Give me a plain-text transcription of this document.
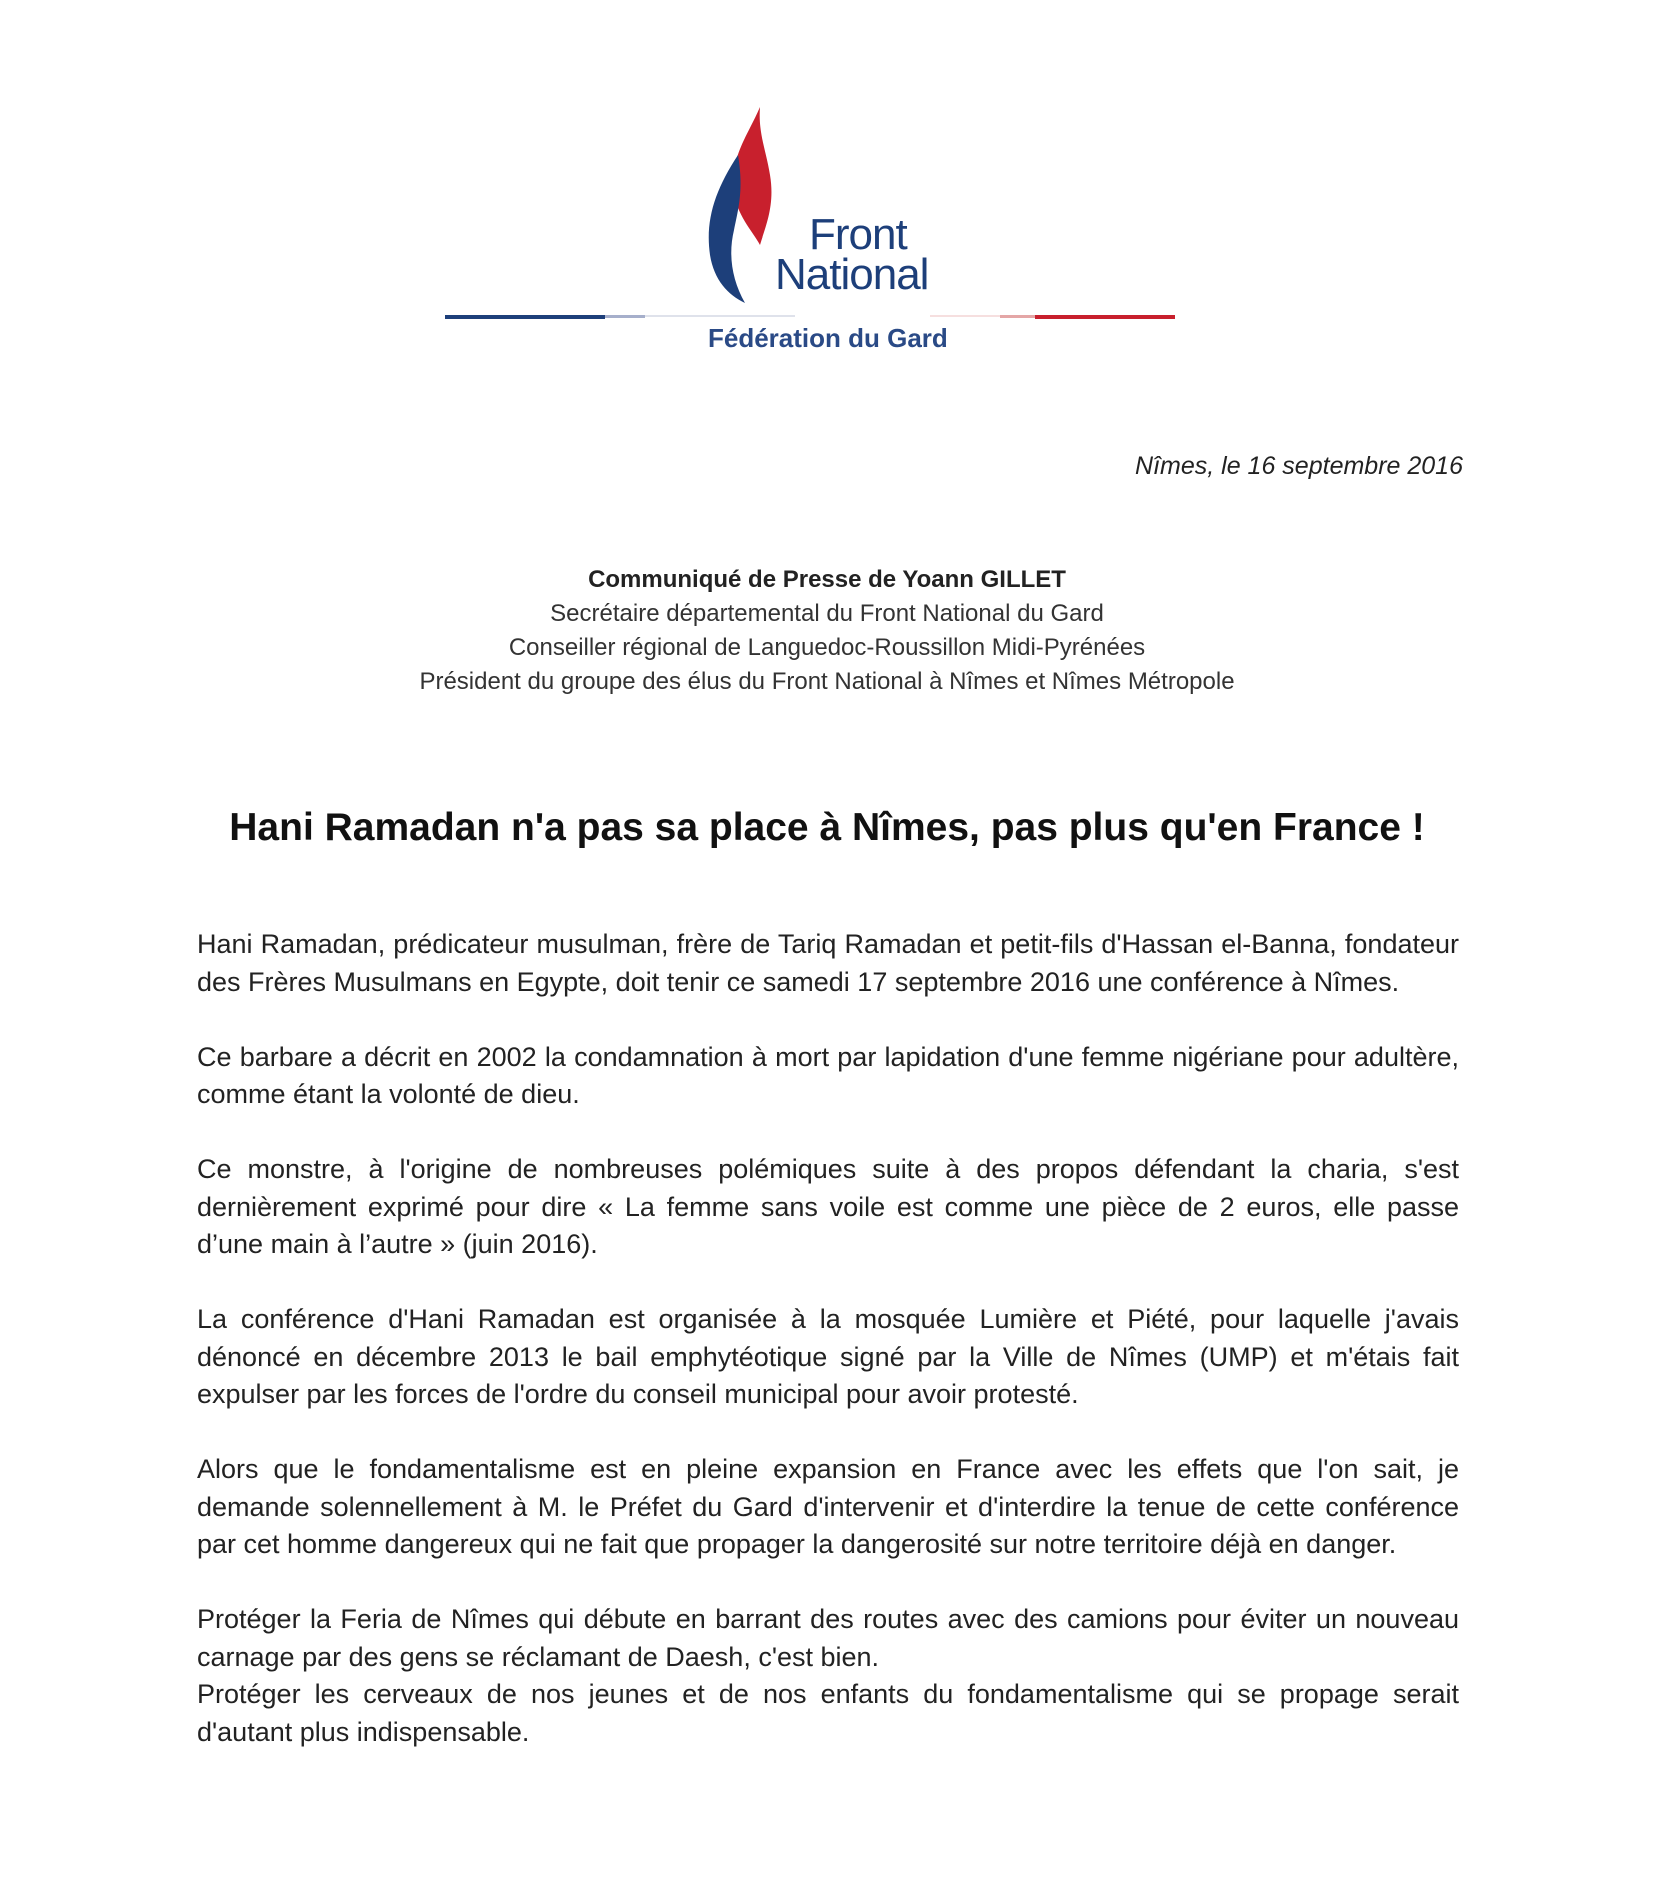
Front
National
Fédération du Gard
Nîmes, le 16 septembre 2016
Communiqué de Presse de Yoann GILLET
Secrétaire départemental du Front National du Gard
Conseiller régional de Languedoc-Roussillon Midi-Pyrénées
Président du groupe des élus du Front National à Nîmes et Nîmes Métropole
Hani Ramadan n'a pas sa place à Nîmes, pas plus qu'en France !

Hani Ramadan, prédicateur musulman, frère de Tariq Ramadan et petit-fils d'Hassan el-Banna, fondateur des Frères Musulmans en Egypte, doit tenir ce samedi 17 septembre 2016 une conférence à Nîmes.

Ce barbare a décrit en 2002 la condamnation à mort par lapidation d'une femme nigériane pour adultère, comme étant la volonté de dieu.

Ce monstre, à l'origine de nombreuses polémiques suite à des propos défendant la charia, s'est dernièrement exprimé pour dire « La femme sans voile est comme une pièce de 2 euros, elle passe d’une main à l’autre » (juin 2016).

La conférence d'Hani Ramadan est organisée à la mosquée Lumière et Piété, pour laquelle j'avais dénoncé en décembre 2013 le bail emphytéotique signé par la Ville de Nîmes (UMP) et m'étais fait expulser par les forces de l'ordre du conseil municipal pour avoir protesté.

Alors que le fondamentalisme est en pleine expansion en France avec les effets que l'on sait, je demande solennellement à M. le Préfet du Gard d'intervenir et d'interdire la tenue de cette conférence par cet homme dangereux qui ne fait que propager la dangerosité sur notre territoire déjà en danger.

Protéger la Feria de Nîmes qui débute en barrant des routes avec des camions pour éviter un nouveau carnage par des gens se réclamant de Daesh, c'est bien.

Protéger les cerveaux de nos jeunes et de nos enfants du fondamentalisme qui se propage serait d'autant plus indispensable.
